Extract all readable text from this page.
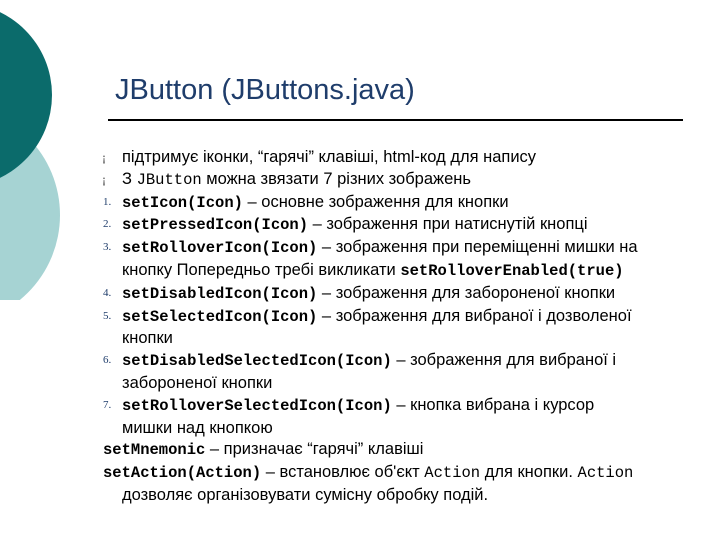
JButton (JButtons.java)
¡ підтримує іконки, “гарячі” клавіші, html-код для напису
¡ З JButton можна звязати 7 різних зображень
1. setIcon(Icon) – основне зображення для кнопки
2. setPressedIcon(Icon) – зображення при натиснутій кнопці
3. setRolloverIcon(Icon) – зображення при переміщенні мишки на
кнопку Попередньо требі викликати setRolloverEnabled(true)
4. setDisabledIcon(Icon) – зображення для забороненої кнопки
5. setSelectedIcon(Icon) – зображення для вибраної і дозволеної
кнопки
6. setDisabledSelectedIcon(Icon) – зображення для вибраної і
забороненої кнопки
7. setRolloverSelectedIcon(Icon) – кнопка вибрана і курсор
мишки над кнопкою
setMnemonic – призначає “гарячі” клавіші
setAction(Action) – встановлює об'єкт Action для кнопки. Action
дозволяє організовувати сумісну обробку подій.
